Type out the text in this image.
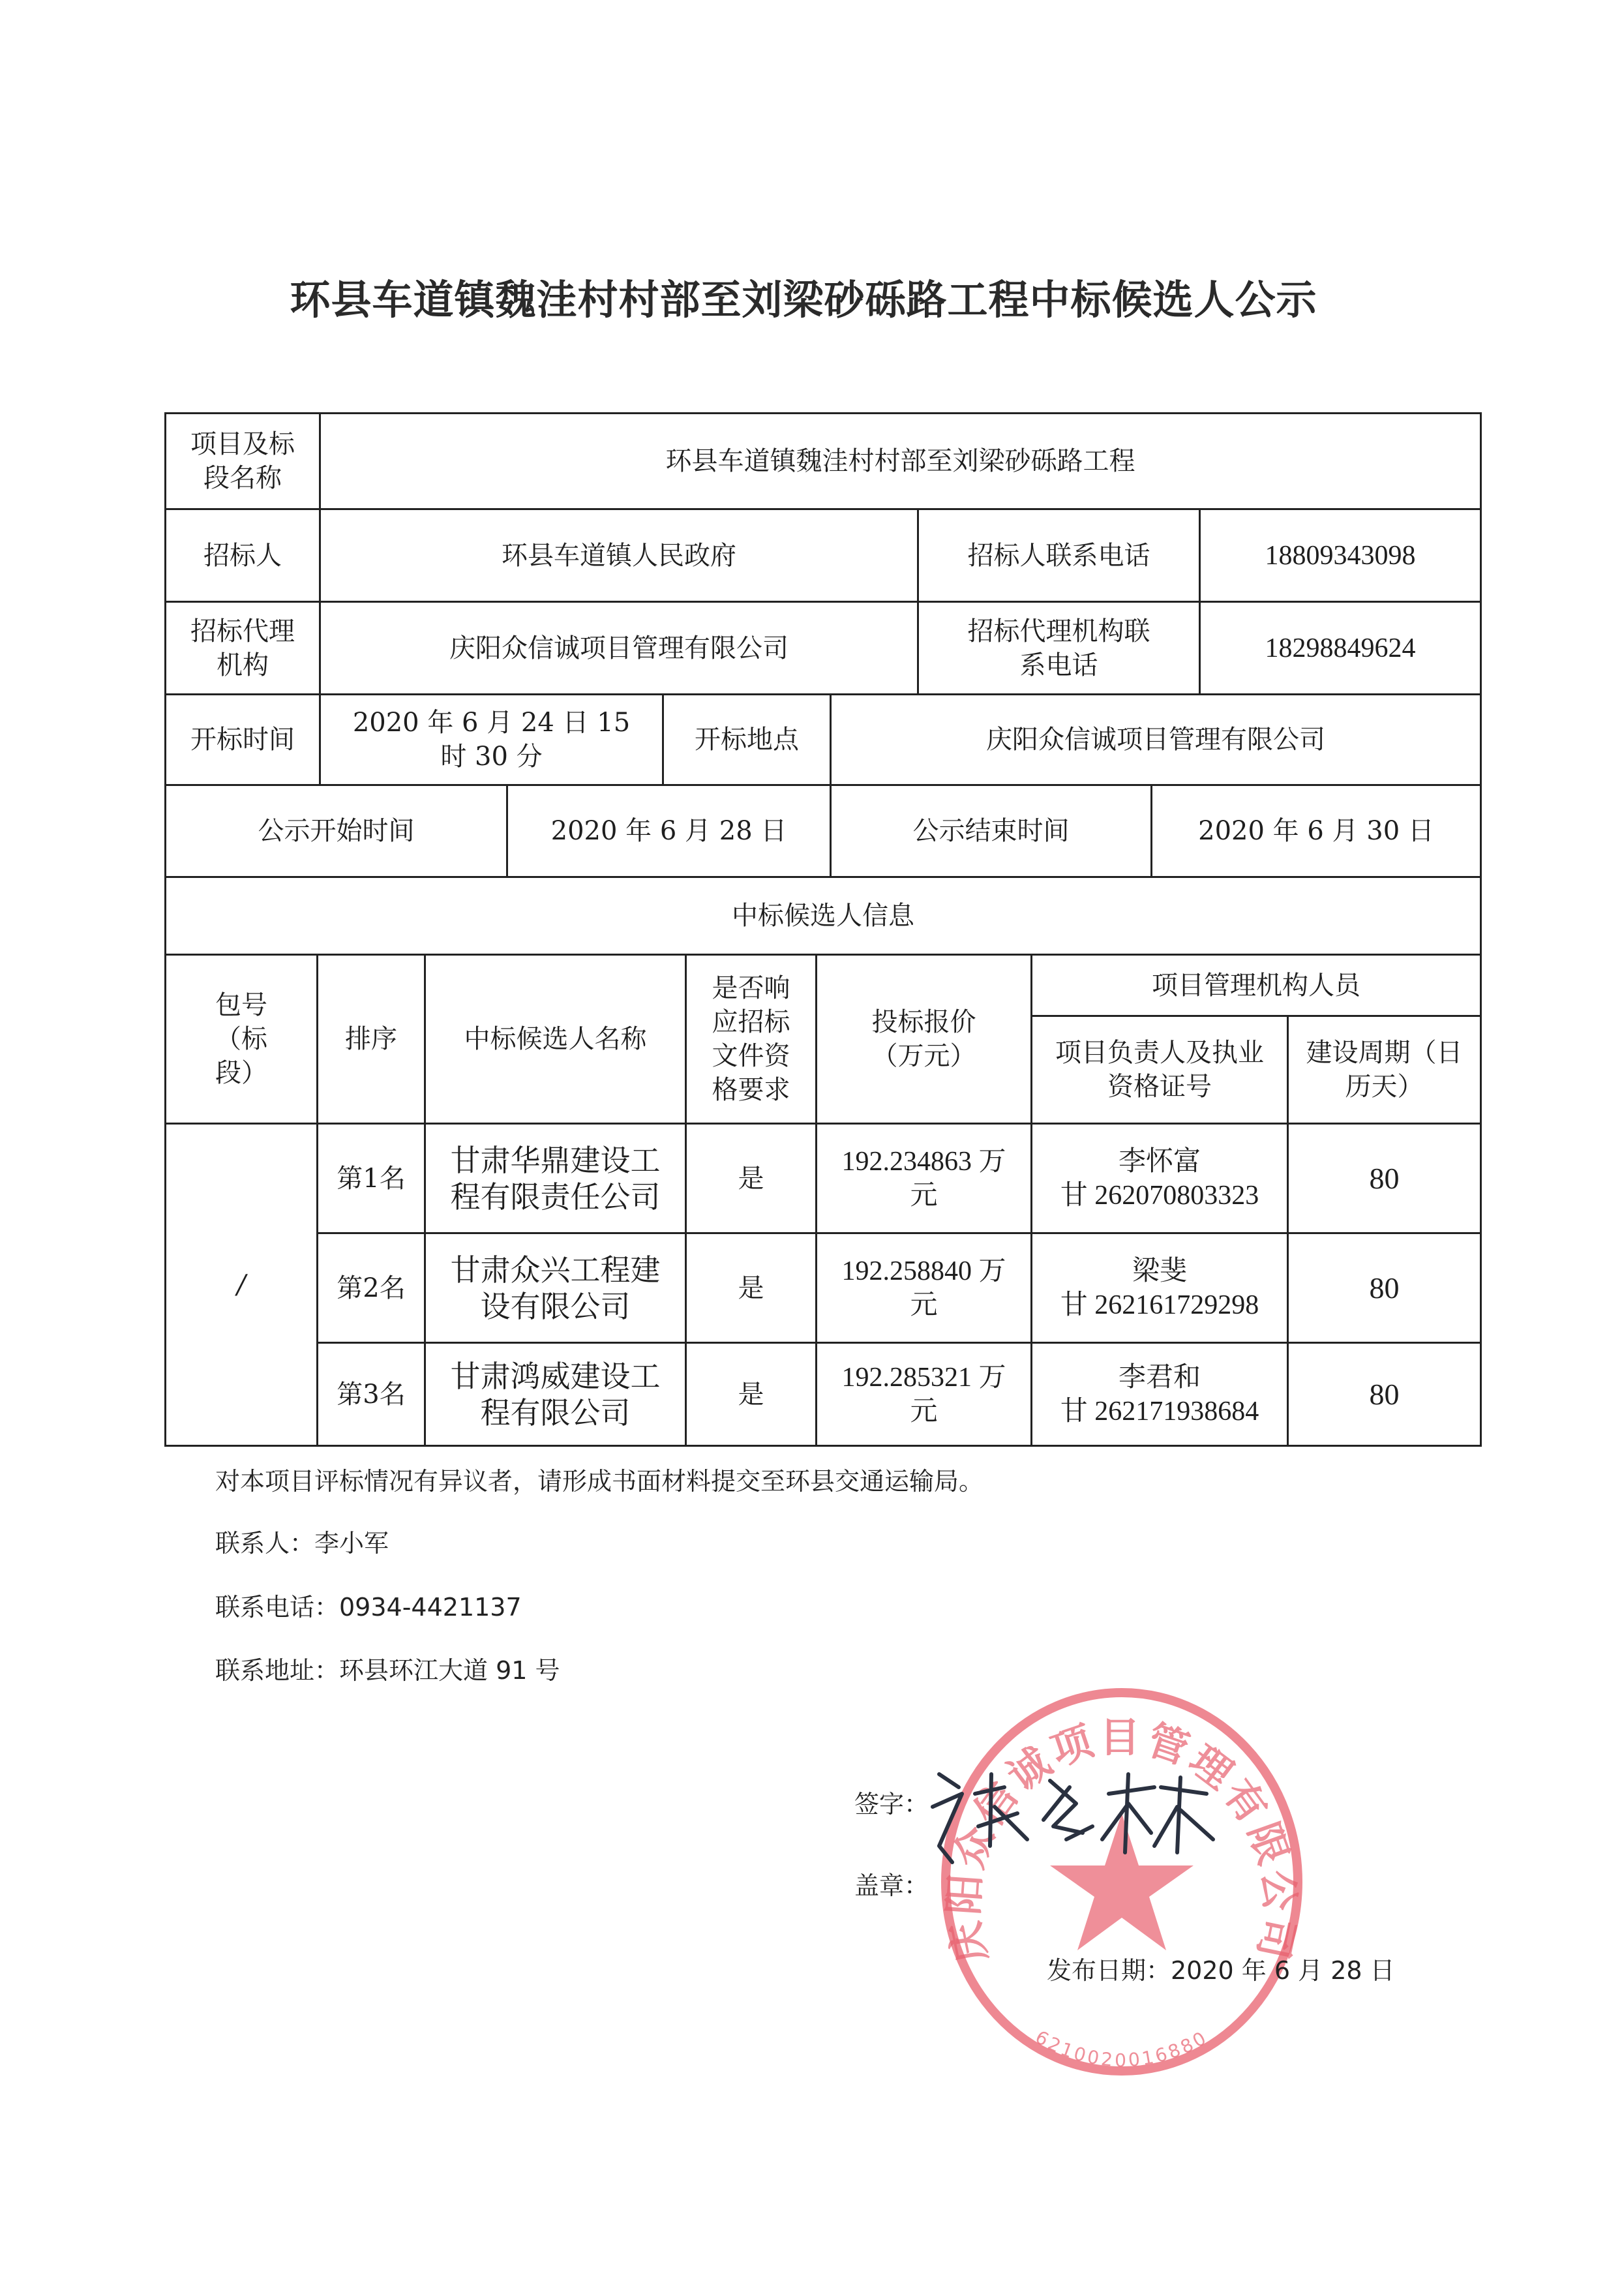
环县车道镇魏洼村村部至刘梁砂砾路工程中标候选人公示
项目及标段名称
环县车道镇魏洼村村部至刘梁砂砾路工程
招标人	环县车道镇人民政府	招标人联系电话	18809343098
招标代理机构
庆阳众信诚项目管理有限公司
招标代理机构联系电话
18298849624
开标时间
2020 年 6 月 24 日 15 时 30 分
开标地点	庆阳众信诚项目管理有限公司
公示开始时间	2020 年 6 月 28 日	公示结束时间	2020 年 6 月 30 日
中标候选人信息
包号（标段）
排序	中标候选人名称
是否响应招标文件资格要求
投标报价（万元）
项目管理机构人员
项目负责人及执业资格证号
建设周期（日历天）
/
第1名
甘肃华鼎建设工程有限责任公司
是
192.234863 万元
李怀富
甘 262070803323
80
第2名
甘肃众兴工程建设有限公司
是
192.258840 万元
梁斐
甘 262161729298
80
第3名
甘肃鸿威建设工程有限公司
是
192.285321 万元
李君和
甘 262171938684
80
对本项目评标情况有异议者，请形成书面材料提交至环县交通运输局。
联系人：李小军
联系电话：0934-4421137
联系地址：环县环江大道 91 号
庆阳众信诚项目管理有限公司
6210020016880
签字：
张会林
盖章：
发布日期：2020 年 6 月 28 日
